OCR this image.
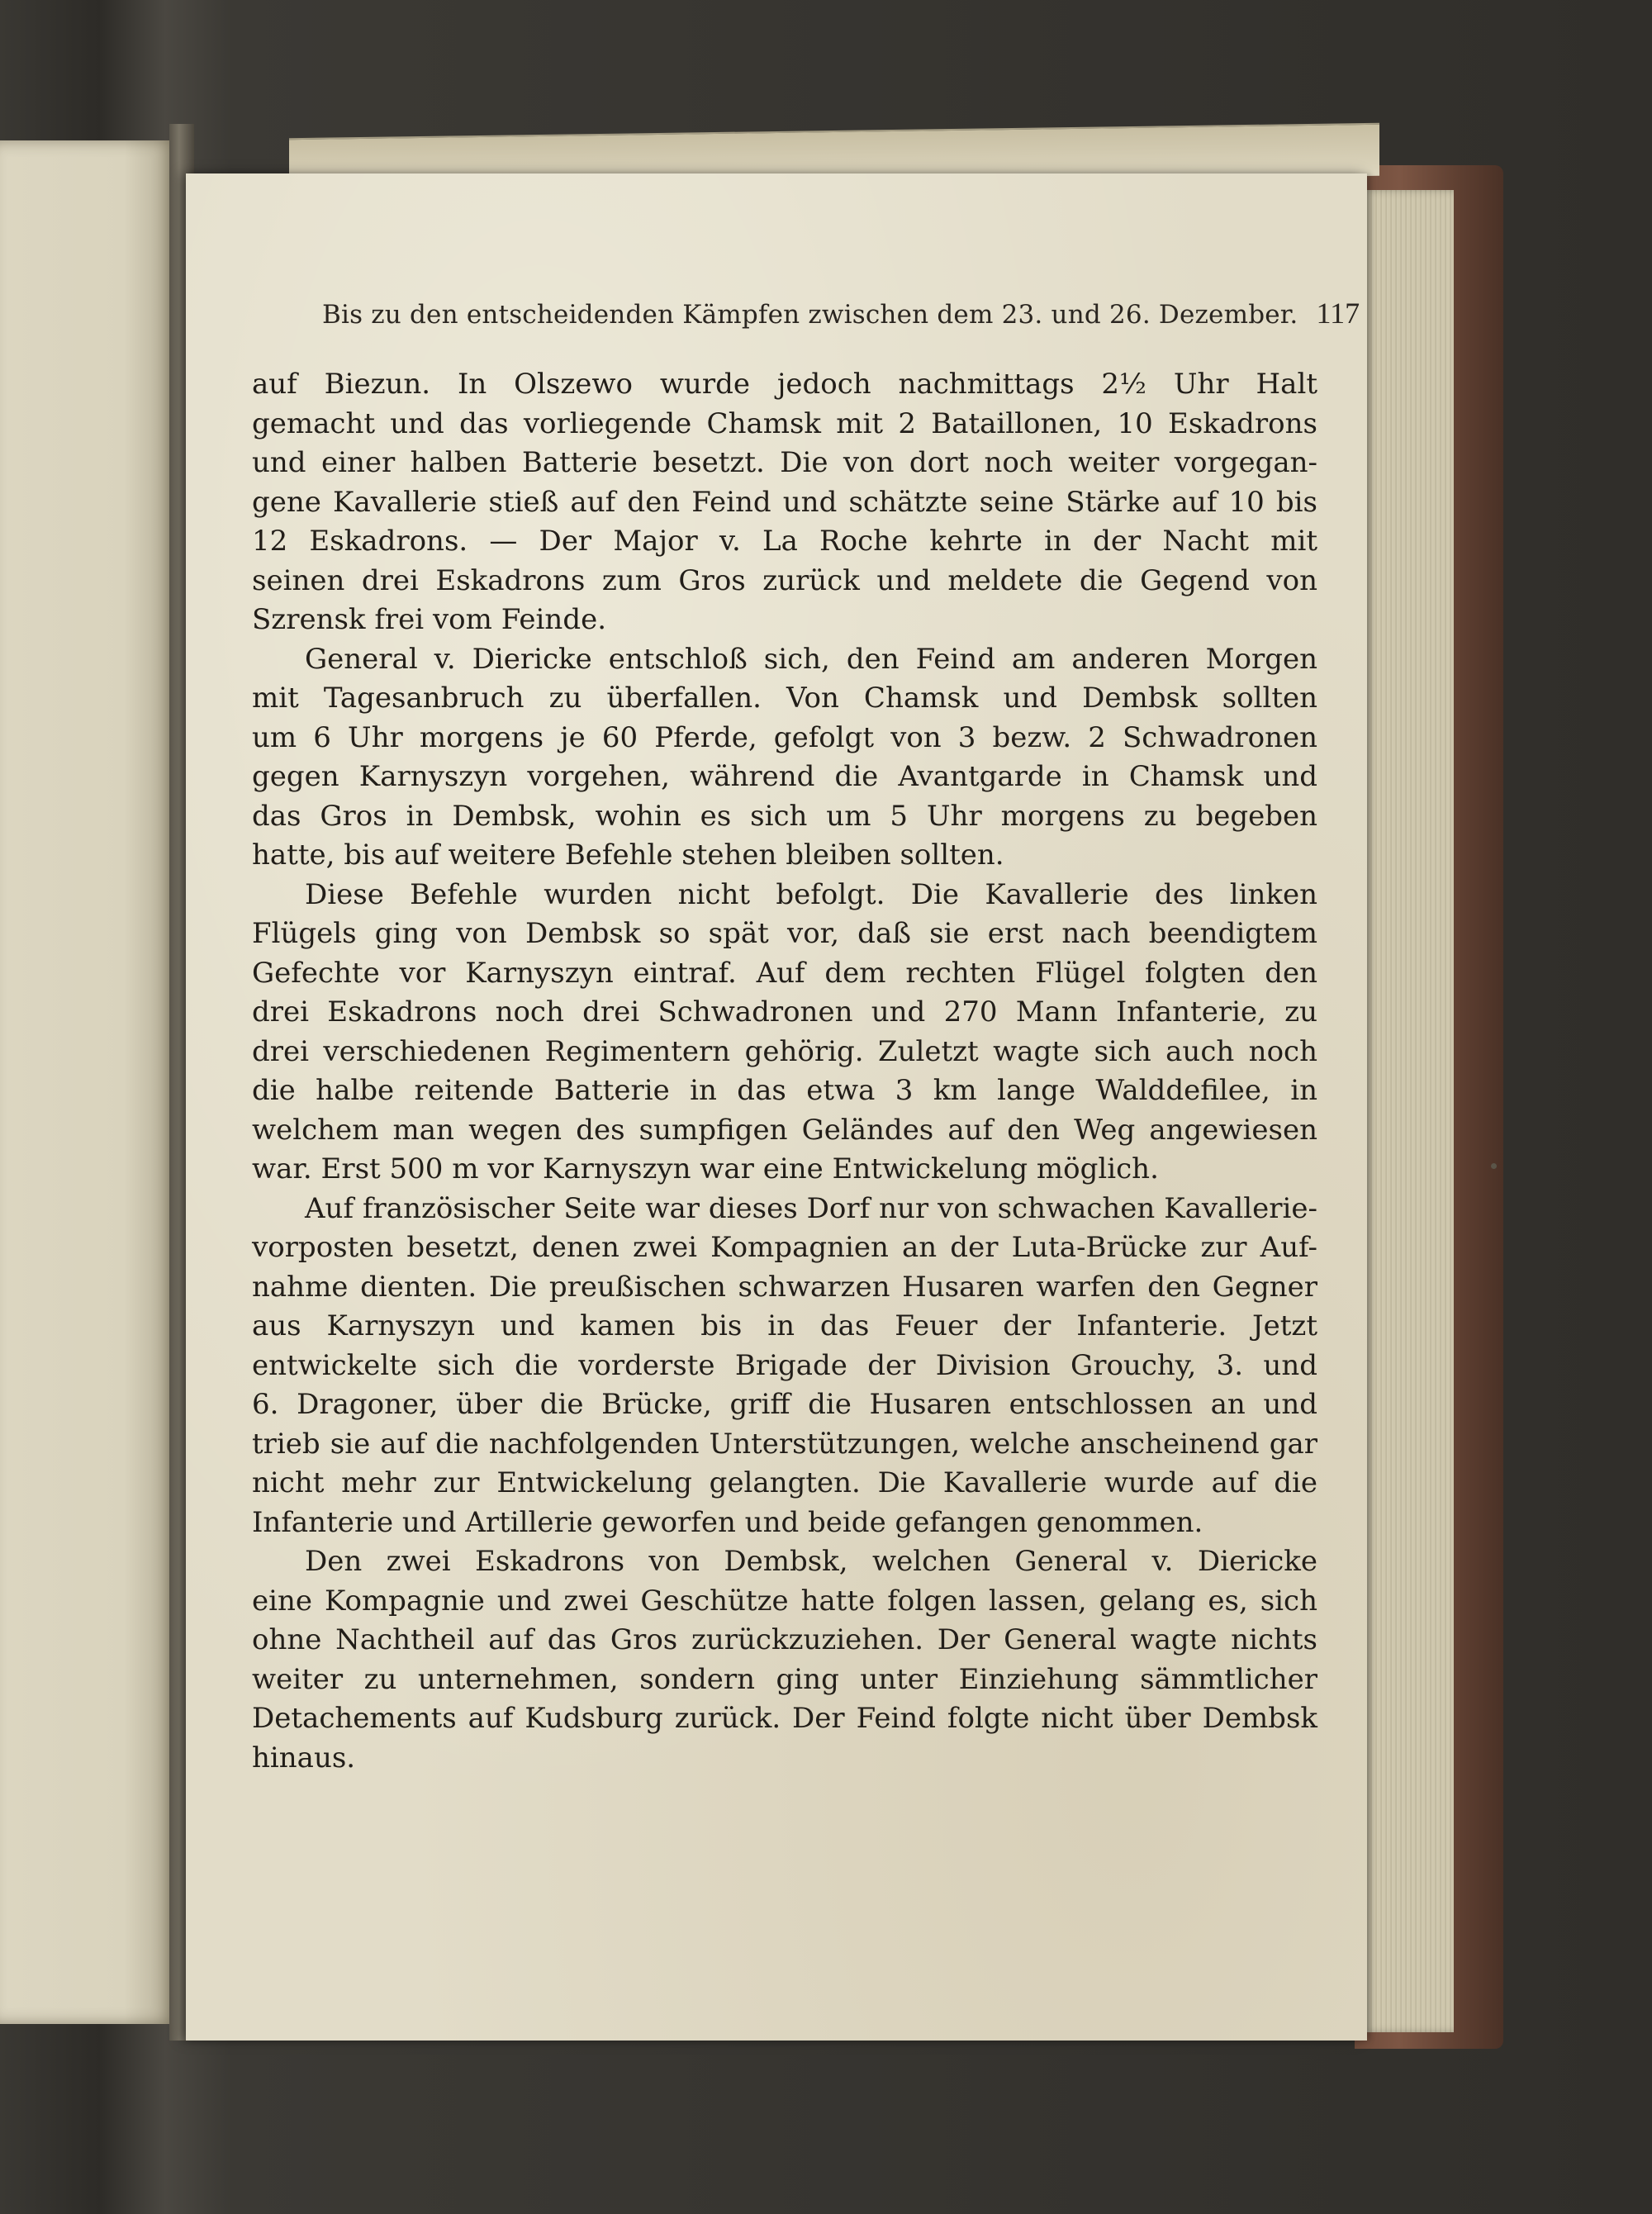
Bis zu den entscheidenden Kämpfen zwischen dem 23. und 26. Dezember. 117
auf Biezun. In Olszewo wurde jedoch nachmittags 2½ Uhr Halt
gemacht und das vorliegende Chamsk mit 2 Bataillonen, 10 Eskadrons
und einer halben Batterie besetzt. Die von dort noch weiter vorgegan-
gene Kavallerie stieß auf den Feind und schätzte seine Stärke auf 10 bis
12 Eskadrons. — Der Major v. La Roche kehrte in der Nacht mit
seinen drei Eskadrons zum Gros zurück und meldete die Gegend von
Szrensk frei vom Feinde.
General v. Diericke entschloß sich, den Feind am anderen Morgen
mit Tagesanbruch zu überfallen. Von Chamsk und Dembsk sollten
um 6 Uhr morgens je 60 Pferde, gefolgt von 3 bezw. 2 Schwadronen
gegen Karnyszyn vorgehen, während die Avantgarde in Chamsk und
das Gros in Dembsk, wohin es sich um 5 Uhr morgens zu begeben
hatte, bis auf weitere Befehle stehen bleiben sollten.
Diese Befehle wurden nicht befolgt. Die Kavallerie des linken
Flügels ging von Dembsk so spät vor, daß sie erst nach beendigtem
Gefechte vor Karnyszyn eintraf. Auf dem rechten Flügel folgten den
drei Eskadrons noch drei Schwadronen und 270 Mann Infanterie, zu
drei verschiedenen Regimentern gehörig. Zuletzt wagte sich auch noch
die halbe reitende Batterie in das etwa 3 km lange Walddefilee, in
welchem man wegen des sumpfigen Geländes auf den Weg angewiesen
war. Erst 500 m vor Karnyszyn war eine Entwickelung möglich.
Auf französischer Seite war dieses Dorf nur von schwachen Kavallerie-
vorposten besetzt, denen zwei Kompagnien an der Luta-Brücke zur Auf-
nahme dienten. Die preußischen schwarzen Husaren warfen den Gegner
aus Karnyszyn und kamen bis in das Feuer der Infanterie. Jetzt
entwickelte sich die vorderste Brigade der Division Grouchy, 3. und
6. Dragoner, über die Brücke, griff die Husaren entschlossen an und
trieb sie auf die nachfolgenden Unterstützungen, welche anscheinend gar
nicht mehr zur Entwickelung gelangten. Die Kavallerie wurde auf die
Infanterie und Artillerie geworfen und beide gefangen genommen.
Den zwei Eskadrons von Dembsk, welchen General v. Diericke
eine Kompagnie und zwei Geschütze hatte folgen lassen, gelang es, sich
ohne Nachtheil auf das Gros zurückzuziehen. Der General wagte nichts
weiter zu unternehmen, sondern ging unter Einziehung sämmtlicher
Detachements auf Kudsburg zurück. Der Feind folgte nicht über Dembsk
hinaus.
